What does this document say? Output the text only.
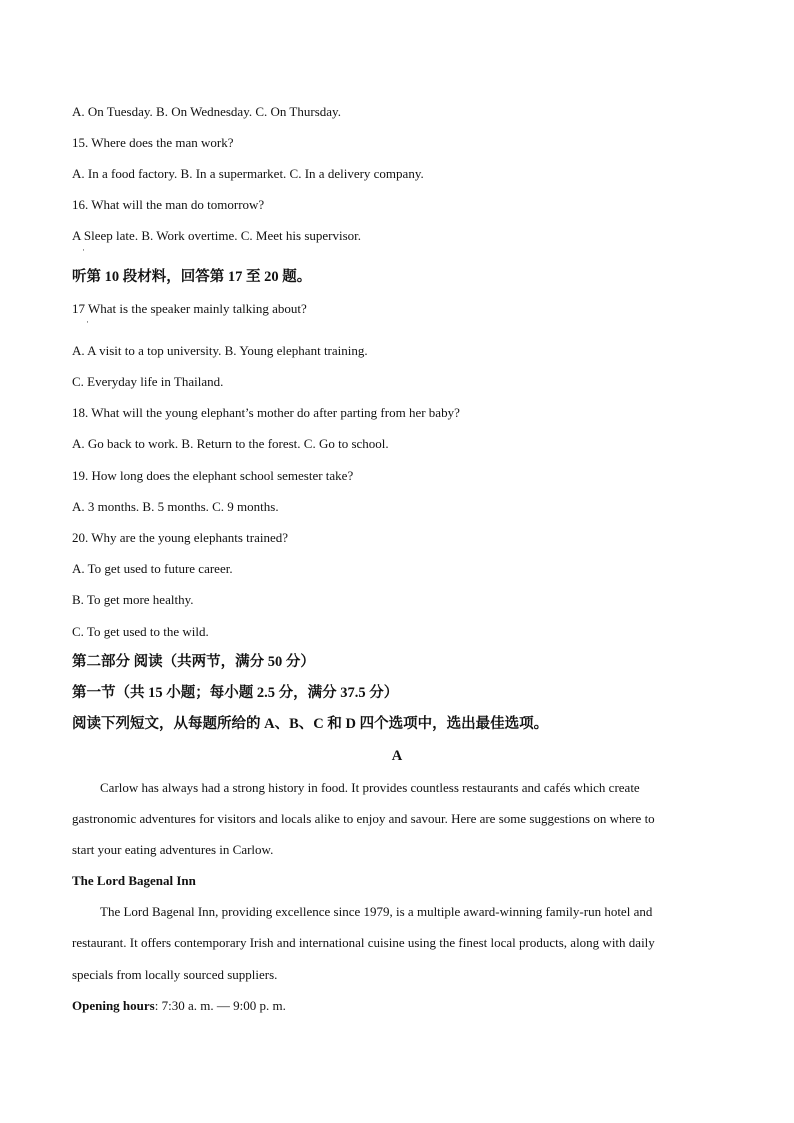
A. On Tuesday. B. On Wednesday. C. On Thursday.
15. Where does the man work?
A. In a food factory. B. In a supermarket. C. In a delivery company.
16. What will the man do tomorrow?
A Sleep late. B. Work overtime. C. Meet his supervisor.
·
听第 10 段材料，回答第 17 至 20 题。
17 What is the speaker mainly talking about?
·
A. A visit to a top university. B. Young elephant training.
C. Everyday life in Thailand.
18. What will the young elephant’s mother do after parting from her baby?
A. Go back to work. B. Return to the forest. C. Go to school.
19. How long does the elephant school semester take?
A. 3 months. B. 5 months. C. 9 months.
20. Why are the young elephants trained?
A. To get used to future career.
B. To get more healthy.
C. To get used to the wild.
第二部分 阅读（共两节，满分 50 分）
第一节（共 15 小题；每小题 2.5 分，满分 37.5 分）
阅读下列短文，从每题所给的 A、B、C 和 D 四个选项中，选出最佳选项。
A
Carlow has always had a strong history in food. It provides countless restaurants and cafés which create
gastronomic adventures for visitors and locals alike to enjoy and savour. Here are some suggestions on where to
start your eating adventures in Carlow.
The Lord Bagenal Inn
The Lord Bagenal Inn, providing excellence since 1979, is a multiple award-winning family-run hotel and
restaurant. It offers contemporary Irish and international cuisine using the finest local products, along with daily
specials from locally sourced suppliers.
Opening hours: 7:30 a. m. — 9:00 p. m.
